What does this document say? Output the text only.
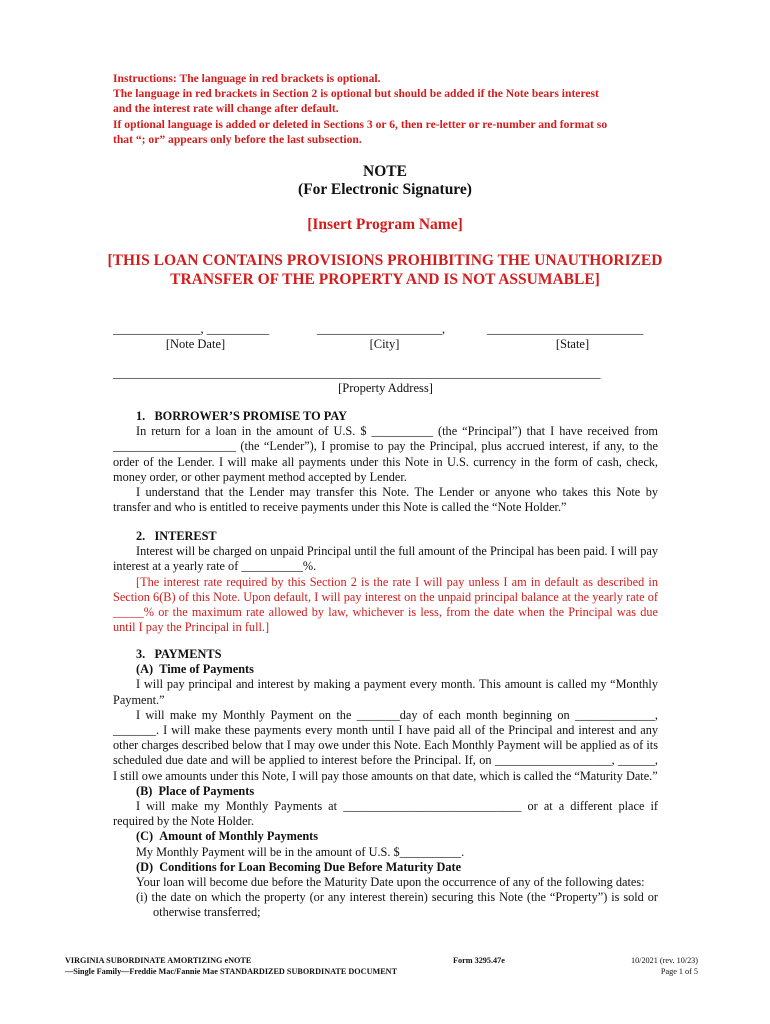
Instructions: The language in red brackets is optional.
The language in red brackets in Section 2 is optional but should be added if the Note bears interest
and the interest rate will change after default.
If optional language is added or deleted in Sections 3 or 6, then re-letter or re-number and format so
that “; or” appears only before the last subsection.
NOTE
(For Electronic Signature)
[Insert Program Name]
[THIS LOAN CONTAINS PROVISIONS PROHIBITING THE UNAUTHORIZED
TRANSFER OF THE PROPERTY AND IS NOT ASSUMABLE]
______________, __________	____________________,	_________________________
[Note Date]	[City]	[State]
______________________________________________________________________________
[Property Address]

1.   BORROWER’S PROMISE TO PAY

In return for a loan in the amount of U.S. $ __________ (the “Principal”) that I have received from ____________________ (the “Lender”), I promise to pay the Principal, plus accrued interest, if any, to the order of the Lender. I will make all payments under this Note in U.S. currency in the form of cash, check, money order, or other payment method accepted by Lender.

I understand that the Lender may transfer this Note. The Lender or anyone who takes this Note by transfer and who is entitled to receive payments under this Note is called the “Note Holder.”

2.   INTEREST

Interest will be charged on unpaid Principal until the full amount of the Principal has been paid. I will pay interest at a yearly rate of __________%.

[The interest rate required by this Section 2 is the rate I will pay unless I am in default as described in Section 6(B) of this Note. Upon default, I will pay interest on the unpaid principal balance at the yearly rate of _____% or the maximum rate allowed by law, whichever is less, from the date when the Principal was due until I pay the Principal in full.]

3.   PAYMENTS

(A)  Time of Payments

I will pay principal and interest by making a payment every month. This amount is called my “Monthly Payment.”

I will make my Monthly Payment on the _______day of each month beginning on _____________, _______. I will make these payments every month until I have paid all of the Principal and interest and any other charges described below that I may owe under this Note. Each Monthly Payment will be applied as of its scheduled due date and will be applied to interest before the Principal. If, on ___________________, ______, I still owe amounts under this Note, I will pay those amounts on that date, which is called the “Maturity Date.”

(B)  Place of Payments

I will make my Monthly Payments at _____________________________ or at a different place if required by the Note Holder.

(C)  Amount of Monthly Payments

My Monthly Payment will be in the amount of U.S. $__________.

(D)  Conditions for Loan Becoming Due Before Maturity Date

Your loan will become due before the Maturity Date upon the occurrence of any of the following dates:

(i) the date on which the property (or any interest therein) securing this Note (the “Property”) is sold or otherwise transferred;

VIRGINIA SUBORDINATE AMORTIZING eNOTE
—Single Family—Freddie Mac/Fannie Mae STANDARDIZED SUBORDINATE DOCUMENT
Form 3295.47e	10/2021 (rev. 10/23)
Page 1 of 5
